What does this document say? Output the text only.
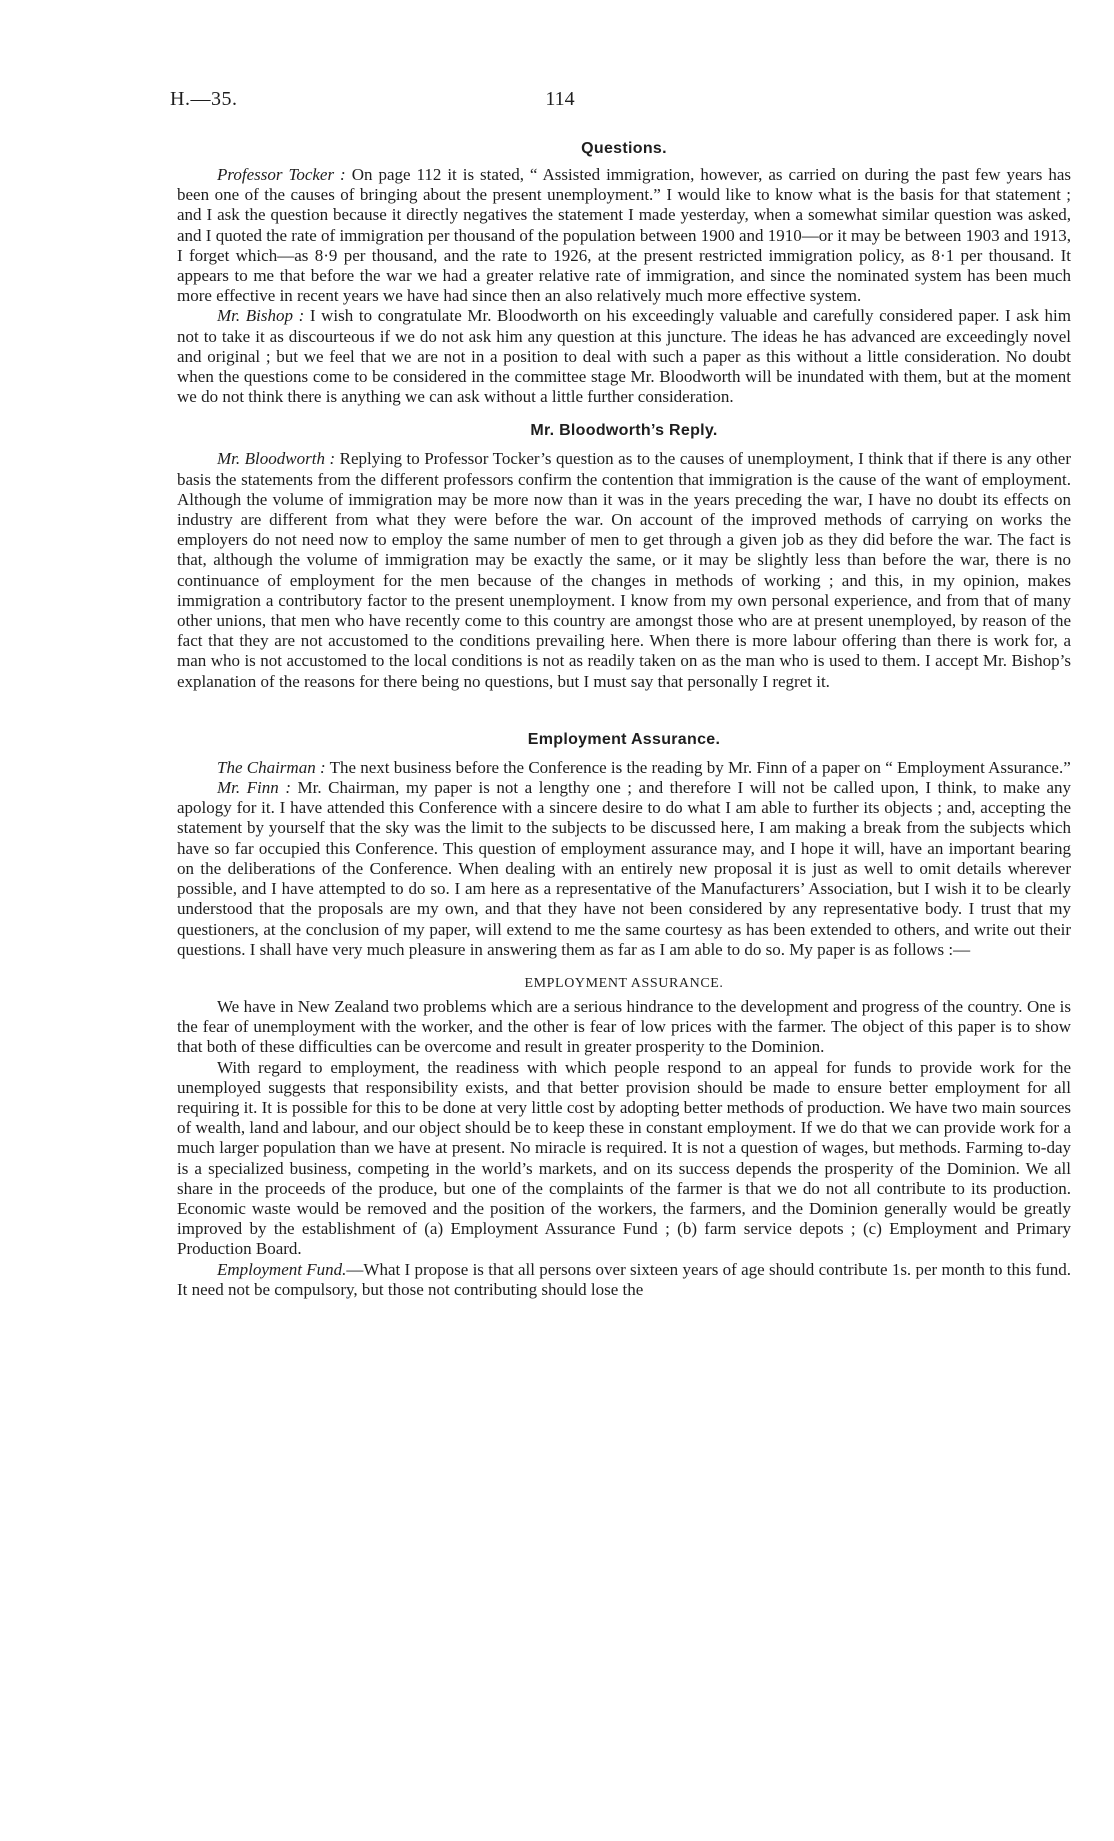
H.—35.	114
Questions.

Professor Tocker : On page 112 it is stated, “ Assisted immigration, however, as carried on during the past few years has been one of the causes of bringing about the present unemployment.” I would like to know what is the basis for that statement ; and I ask the question because it directly negatives the statement I made yesterday, when a somewhat similar question was asked, and I quoted the rate of immigration per thousand of the population between 1900 and 1910—or it may be between 1903 and 1913, I forget which—as 8·9 per thousand, and the rate to 1926, at the present restricted immigration policy, as 8·1 per thousand. It appears to me that before the war we had a greater relative rate of immigration, and since the nominated system has been much more effective in recent years we have had since then an also relatively much more effective system.

Mr. Bishop : I wish to congratulate Mr. Bloodworth on his exceedingly valuable and carefully considered paper. I ask him not to take it as discourteous if we do not ask him any question at this juncture. The ideas he has advanced are exceedingly novel and original ; but we feel that we are not in a position to deal with such a paper as this without a little consideration. No doubt when the questions come to be considered in the committee stage Mr. Bloodworth will be inundated with them, but at the moment we do not think there is anything we can ask without a little further consideration.

Mr. Bloodworth’s Reply.

Mr. Bloodworth : Replying to Professor Tocker’s question as to the causes of unemployment, I think that if there is any other basis the statements from the different professors confirm the contention that immigration is the cause of the want of employment. Although the volume of immigration may be more now than it was in the years preceding the war, I have no doubt its effects on industry are different from what they were before the war. On account of the improved methods of carrying on works the employers do not need now to employ the same number of men to get through a given job as they did before the war. The fact is that, although the volume of immigration may be exactly the same, or it may be slightly less than before the war, there is no continuance of employment for the men because of the changes in methods of working ; and this, in my opinion, makes immigration a contributory factor to the present unemployment. I know from my own personal experience, and from that of many other unions, that men who have recently come to this country are amongst those who are at present unemployed, by reason of the fact that they are not accustomed to the conditions prevailing here. When there is more labour offering than there is work for, a man who is not accustomed to the local conditions is not as readily taken on as the man who is used to them. I accept Mr. Bishop’s explanation of the reasons for there being no questions, but I must say that personally I regret it.

Employment Assurance.

The Chairman : The next business before the Conference is the reading by Mr. Finn of a paper on “ Employment Assurance.”

Mr. Finn : Mr. Chairman, my paper is not a lengthy one ; and therefore I will not be called upon, I think, to make any apology for it. I have attended this Conference with a sincere desire to do what I am able to further its objects ; and, accepting the statement by yourself that the sky was the limit to the subjects to be discussed here, I am making a break from the subjects which have so far occupied this Conference. This question of employment assurance may, and I hope it will, have an important bearing on the deliberations of the Conference. When dealing with an entirely new proposal it is just as well to omit details wherever possible, and I have attempted to do so. I am here as a representative of the Manufacturers’ Association, but I wish it to be clearly understood that the proposals are my own, and that they have not been considered by any representative body. I trust that my questioners, at the conclusion of my paper, will extend to me the same courtesy as has been extended to others, and write out their questions. I shall have very much pleasure in answering them as far as I am able to do so. My paper is as follows :—

EMPLOYMENT ASSURANCE.

We have in New Zealand two problems which are a serious hindrance to the development and progress of the country. One is the fear of unemployment with the worker, and the other is fear of low prices with the farmer. The object of this paper is to show that both of these difficulties can be overcome and result in greater prosperity to the Dominion.

With regard to employment, the readiness with which people respond to an appeal for funds to provide work for the unemployed suggests that responsibility exists, and that better provision should be made to ensure better employment for all requiring it. It is possible for this to be done at very little cost by adopting better methods of production. We have two main sources of wealth, land and labour, and our object should be to keep these in constant employment. If we do that we can provide work for a much larger population than we have at present. No miracle is required. It is not a question of wages, but methods. Farming to-day is a specialized business, competing in the world’s markets, and on its success depends the prosperity of the Dominion. We all share in the proceeds of the produce, but one of the complaints of the farmer is that we do not all contribute to its production. Economic waste would be removed and the position of the workers, the farmers, and the Dominion generally would be greatly improved by the establishment of (a) Employment Assurance Fund ; (b) farm service depots ; (c) Employment and Primary Production Board.

Employment Fund.—What I propose is that all persons over sixteen years of age should contribute 1s. per month to this fund. It need not be compulsory, but those not contributing should lose the
